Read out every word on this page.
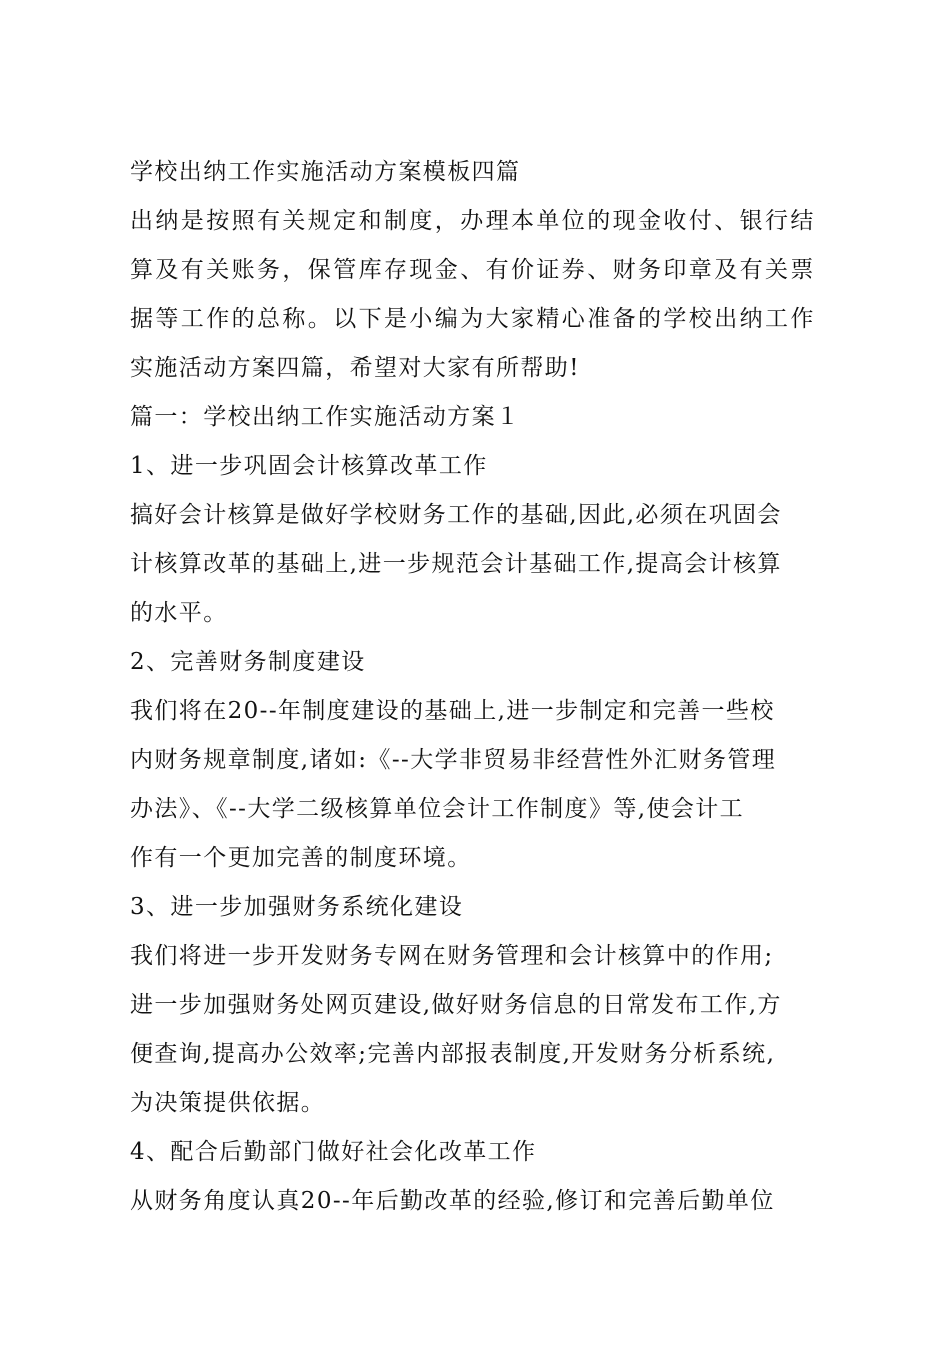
学校出纳工作实施活动方案模板四篇
出纳是按照有关规定和制度，办理本单位的现金收付、银行结
算及有关账务，保管库存现金、有价证券、财务印章及有关票
据等工作的总称。以下是小编为大家精心准备的学校出纳工作
实施活动方案四篇，希望对大家有所帮助!
篇一：学校出纳工作实施活动方案１
1、进一步巩固会计核算改革工作
搞好会计核算是做好学校财务工作的基础,因此,必须在巩固会
计核算改革的基础上,进一步规范会计基础工作,提高会计核算
的水平。
2、完善财务制度建设
我们将在20--年制度建设的基础上,进一步制定和完善一些校
内财务规章制度,诸如:《--大学非贸易非经营性外汇财务管理
办法》、《--大学二级核算单位会计工作制度》等,使会计工
作有一个更加完善的制度环境。
3、进一步加强财务系统化建设
我们将进一步开发财务专网在财务管理和会计核算中的作用;
进一步加强财务处网页建设,做好财务信息的日常发布工作,方
便查询,提高办公效率;完善内部报表制度,开发财务分析系统,
为决策提供依据。
4、配合后勤部门做好社会化改革工作
从财务角度认真20--年后勤改革的经验,修订和完善后勤单位
